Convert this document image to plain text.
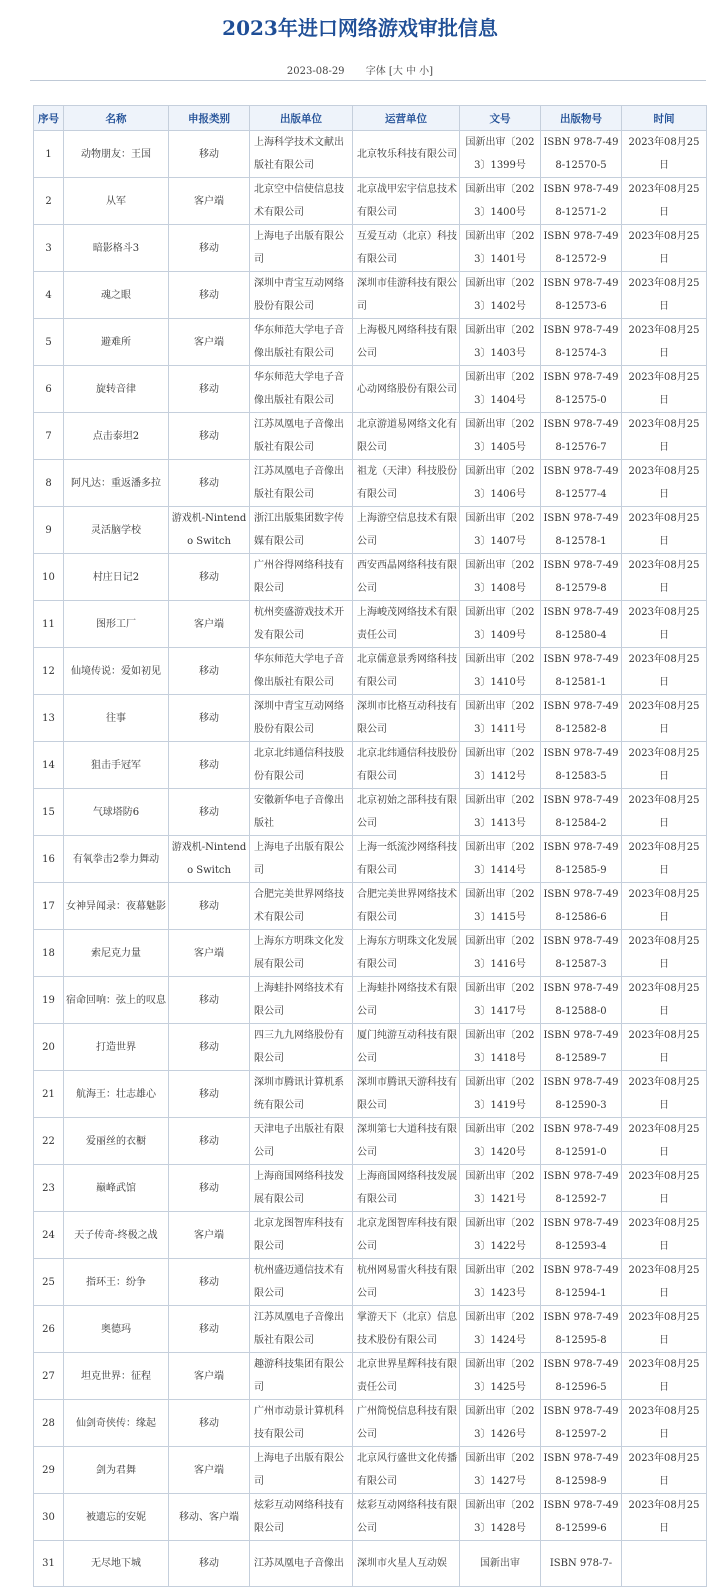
2023年进口网络游戏审批信息
2023-08-29 字体 [大 中 小]
序号	名称	申报类别	出版单位	运营单位	文号	出版物号	时间
1	动物朋友：王国	移动	上海科学技术文献出版社有限公司	北京牧乐科技有限公司	国新出审〔2023〕1399号	ISBN 978-7-498-12570-5	2023年08月25日
2	从军	客户端	北京空中信使信息技术有限公司	北京战甲宏宇信息技术有限公司	国新出审〔2023〕1400号	ISBN 978-7-498-12571-2	2023年08月25日
3	暗影格斗3	移动	上海电子出版有限公司	互爱互动（北京）科技有限公司	国新出审〔2023〕1401号	ISBN 978-7-498-12572-9	2023年08月25日
4	魂之眼	移动	深圳中青宝互动网络股份有限公司	深圳市佳游科技有限公司	国新出审〔2023〕1402号	ISBN 978-7-498-12573-6	2023年08月25日
5	避难所	客户端	华东师范大学电子音像出版社有限公司	上海极凡网络科技有限公司	国新出审〔2023〕1403号	ISBN 978-7-498-12574-3	2023年08月25日
6	旋转音律	移动	华东师范大学电子音像出版社有限公司	心动网络股份有限公司	国新出审〔2023〕1404号	ISBN 978-7-498-12575-0	2023年08月25日
7	点击泰坦2	移动	江苏凤凰电子音像出版社有限公司	北京游道易网络文化有限公司	国新出审〔2023〕1405号	ISBN 978-7-498-12576-7	2023年08月25日
8	阿凡达：重返潘多拉	移动	江苏凤凰电子音像出版社有限公司	祖龙（天津）科技股份有限公司	国新出审〔2023〕1406号	ISBN 978-7-498-12577-4	2023年08月25日
9	灵活脑学校	游戏机-Nintendo Switch	浙江出版集团数字传媒有限公司	上海游空信息技术有限公司	国新出审〔2023〕1407号	ISBN 978-7-498-12578-1	2023年08月25日
10	村庄日记2	移动	广州谷得网络科技有限公司	西安西晶网络科技有限公司	国新出审〔2023〕1408号	ISBN 978-7-498-12579-8	2023年08月25日
11	图形工厂	客户端	杭州奕盛游戏技术开发有限公司	上海峻茂网络技术有限责任公司	国新出审〔2023〕1409号	ISBN 978-7-498-12580-4	2023年08月25日
12	仙境传说：爱如初见	移动	华东师范大学电子音像出版社有限公司	北京儒意景秀网络科技有限公司	国新出审〔2023〕1410号	ISBN 978-7-498-12581-1	2023年08月25日
13	往事	移动	深圳中青宝互动网络股份有限公司	深圳市比格互动科技有限公司	国新出审〔2023〕1411号	ISBN 978-7-498-12582-8	2023年08月25日
14	狙击手冠军	移动	北京北纬通信科技股份有限公司	北京北纬通信科技股份有限公司	国新出审〔2023〕1412号	ISBN 978-7-498-12583-5	2023年08月25日
15	气球塔防6	移动	安徽新华电子音像出版社	北京初始之部科技有限公司	国新出审〔2023〕1413号	ISBN 978-7-498-12584-2	2023年08月25日
16	有氧拳击2拳力舞动	游戏机-Nintendo Switch	上海电子出版有限公司	上海一纸流沙网络科技有限公司	国新出审〔2023〕1414号	ISBN 978-7-498-12585-9	2023年08月25日
17	女神异闻录：夜幕魅影	移动	合肥完美世界网络技术有限公司	合肥完美世界网络技术有限公司	国新出审〔2023〕1415号	ISBN 978-7-498-12586-6	2023年08月25日
18	索尼克力量	客户端	上海东方明珠文化发展有限公司	上海东方明珠文化发展有限公司	国新出审〔2023〕1416号	ISBN 978-7-498-12587-3	2023年08月25日
19	宿命回响：弦上的叹息	移动	上海蛙扑网络技术有限公司	上海蛙扑网络技术有限公司	国新出审〔2023〕1417号	ISBN 978-7-498-12588-0	2023年08月25日
20	打造世界	移动	四三九九网络股份有限公司	厦门纯游互动科技有限公司	国新出审〔2023〕1418号	ISBN 978-7-498-12589-7	2023年08月25日
21	航海王：壮志雄心	移动	深圳市腾讯计算机系统有限公司	深圳市腾讯天游科技有限公司	国新出审〔2023〕1419号	ISBN 978-7-498-12590-3	2023年08月25日
22	爱丽丝的衣橱	移动	天津电子出版社有限公司	深圳第七大道科技有限公司	国新出审〔2023〕1420号	ISBN 978-7-498-12591-0	2023年08月25日
23	巅峰武馆	移动	上海商国网络科技发展有限公司	上海商国网络科技发展有限公司	国新出审〔2023〕1421号	ISBN 978-7-498-12592-7	2023年08月25日
24	天子传奇-终极之战	客户端	北京龙图智库科技有限公司	北京龙图智库科技有限公司	国新出审〔2023〕1422号	ISBN 978-7-498-12593-4	2023年08月25日
25	指环王：纷争	移动	杭州盛迈通信技术有限公司	杭州网易雷火科技有限公司	国新出审〔2023〕1423号	ISBN 978-7-498-12594-1	2023年08月25日
26	奥德玛	移动	江苏凤凰电子音像出版社有限公司	掌游天下（北京）信息技术股份有限公司	国新出审〔2023〕1424号	ISBN 978-7-498-12595-8	2023年08月25日
27	坦克世界：征程	客户端	趣游科技集团有限公司	北京世界星辉科技有限责任公司	国新出审〔2023〕1425号	ISBN 978-7-498-12596-5	2023年08月25日
28	仙剑奇侠传：缘起	移动	广州市动景计算机科技有限公司	广州简悦信息科技有限公司	国新出审〔2023〕1426号	ISBN 978-7-498-12597-2	2023年08月25日
29	剑为君舞	客户端	上海电子出版有限公司	北京风行盛世文化传播有限公司	国新出审〔2023〕1427号	ISBN 978-7-498-12598-9	2023年08月25日
30	被遗忘的安妮	移动、客户端	炫彩互动网络科技有限公司	炫彩互动网络科技有限公司	国新出审〔2023〕1428号	ISBN 978-7-498-12599-6	2023年08月25日
31	无尽地下城	移动	江苏凤凰电子音像出	深圳市火星人互动娱	国新出审	ISBN 978-7-	
